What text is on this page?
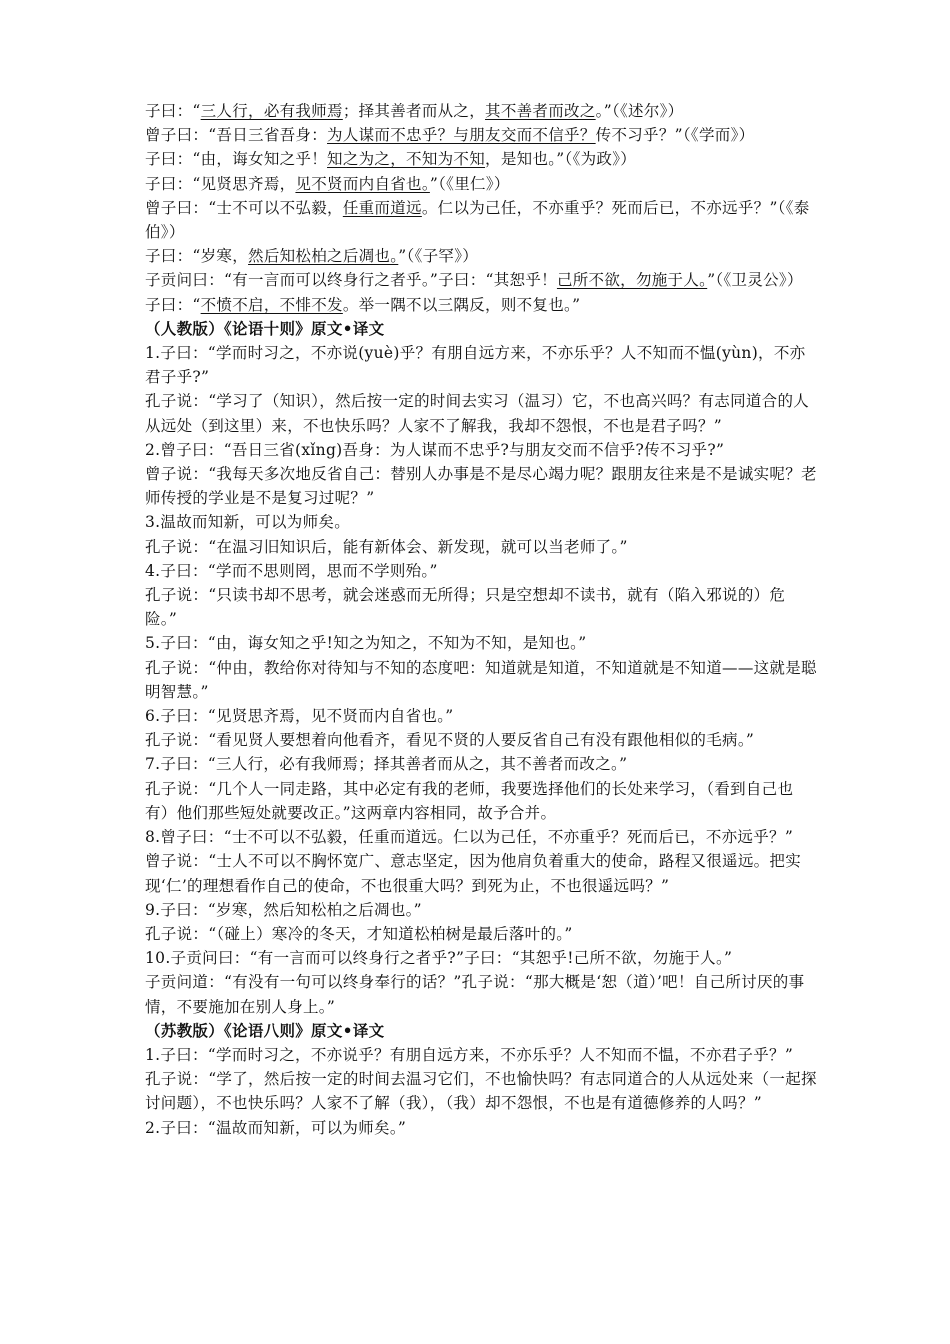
子曰：“三人行，必有我师焉；择其善者而从之，其不善者而改之。”（《述尔》）

曾子曰：“吾日三省吾身：为人谋而不忠乎？与朋友交而不信乎？传不习乎？”（《学而》）

子曰：“由，诲女知之乎！知之为之，不知为不知，是知也。”（《为政》）

子曰：“见贤思齐焉，见不贤而内自省也。”（《里仁》）

曾子曰：“士不可以不弘毅，任重而道远。仁以为己任，不亦重乎？死而后已，不亦远乎？”（《泰伯》）

子曰：“岁寒，然后知松柏之后凋也。”（《子罕》）

子贡问曰：“有一言而可以终身行之者乎。”子曰：“其恕乎！己所不欲，勿施于人。”（《卫灵公》）

子曰：“不愤不启，不悱不发。举一隅不以三隅反，则不复也。”

（人教版）《论语十则》原文•译文

1.子曰：“学而时习之，不亦说(yuè)乎？有朋自远方来，不亦乐乎？人不知而不愠(yùn)，不亦君子乎?”

孔子说：“学习了（知识），然后按一定的时间去实习（温习）它，不也高兴吗？有志同道合的人从远处（到这里）来，不也快乐吗？人家不了解我，我却不怨恨，不也是君子吗？”

2.曾子曰：“吾日三省(xǐng)吾身：为人谋而不忠乎?与朋友交而不信乎?传不习乎?”

曾子说：“我每天多次地反省自己：替别人办事是不是尽心竭力呢？跟朋友往来是不是诚实呢？老师传授的学业是不是复习过呢？”

3.温故而知新，可以为师矣。

孔子说：“在温习旧知识后，能有新体会、新发现，就可以当老师了。”

4.子曰：“学而不思则罔，思而不学则殆。”

孔子说：“只读书却不思考，就会迷惑而无所得；只是空想却不读书，就有（陷入邪说的）危险。”

5.子曰：“由，诲女知之乎!知之为知之，不知为不知，是知也。”

孔子说：“仲由，教给你对待知与不知的态度吧：知道就是知道，不知道就是不知道——这就是聪明智慧。”

6.子曰：“见贤思齐焉，见不贤而内自省也。”

孔子说：“看见贤人要想着向他看齐，看见不贤的人要反省自己有没有跟他相似的毛病。”

7.子曰：“三人行，必有我师焉；择其善者而从之，其不善者而改之。”

孔子说：“几个人一同走路，其中必定有我的老师，我要选择他们的长处来学习，（看到自己也有）他们那些短处就要改正。”这两章内容相同，故予合并。

8.曾子曰：“士不可以不弘毅，任重而道远。仁以为己任，不亦重乎？死而后已，不亦远乎？”

曾子说：“士人不可以不胸怀宽广、意志坚定，因为他肩负着重大的使命，路程又很遥远。把实现‘仁’的理想看作自己的使命，不也很重大吗？到死为止，不也很遥远吗？”

9.子曰：“岁寒，然后知松柏之后凋也。”

孔子说：“（碰上）寒冷的冬天，才知道松柏树是最后落叶的。”

10.子贡问曰：“有一言而可以终身行之者乎?”子曰：“其恕乎!己所不欲，勿施于人。”

子贡问道：“有没有一句可以终身奉行的话？”孔子说：“那大概是‘恕（道）’吧！自己所讨厌的事情，不要施加在别人身上。”

（苏教版）《论语八则》原文•译文

1.子曰：“学而时习之，不亦说乎？有朋自远方来，不亦乐乎？人不知而不愠，不亦君子乎？”

孔子说：“学了，然后按一定的时间去温习它们，不也愉快吗？有志同道合的人从远处来（一起探讨问题），不也快乐吗？人家不了解（我），（我）却不怨恨，不也是有道德修养的人吗？”

2.子曰：“温故而知新，可以为师矣。”
